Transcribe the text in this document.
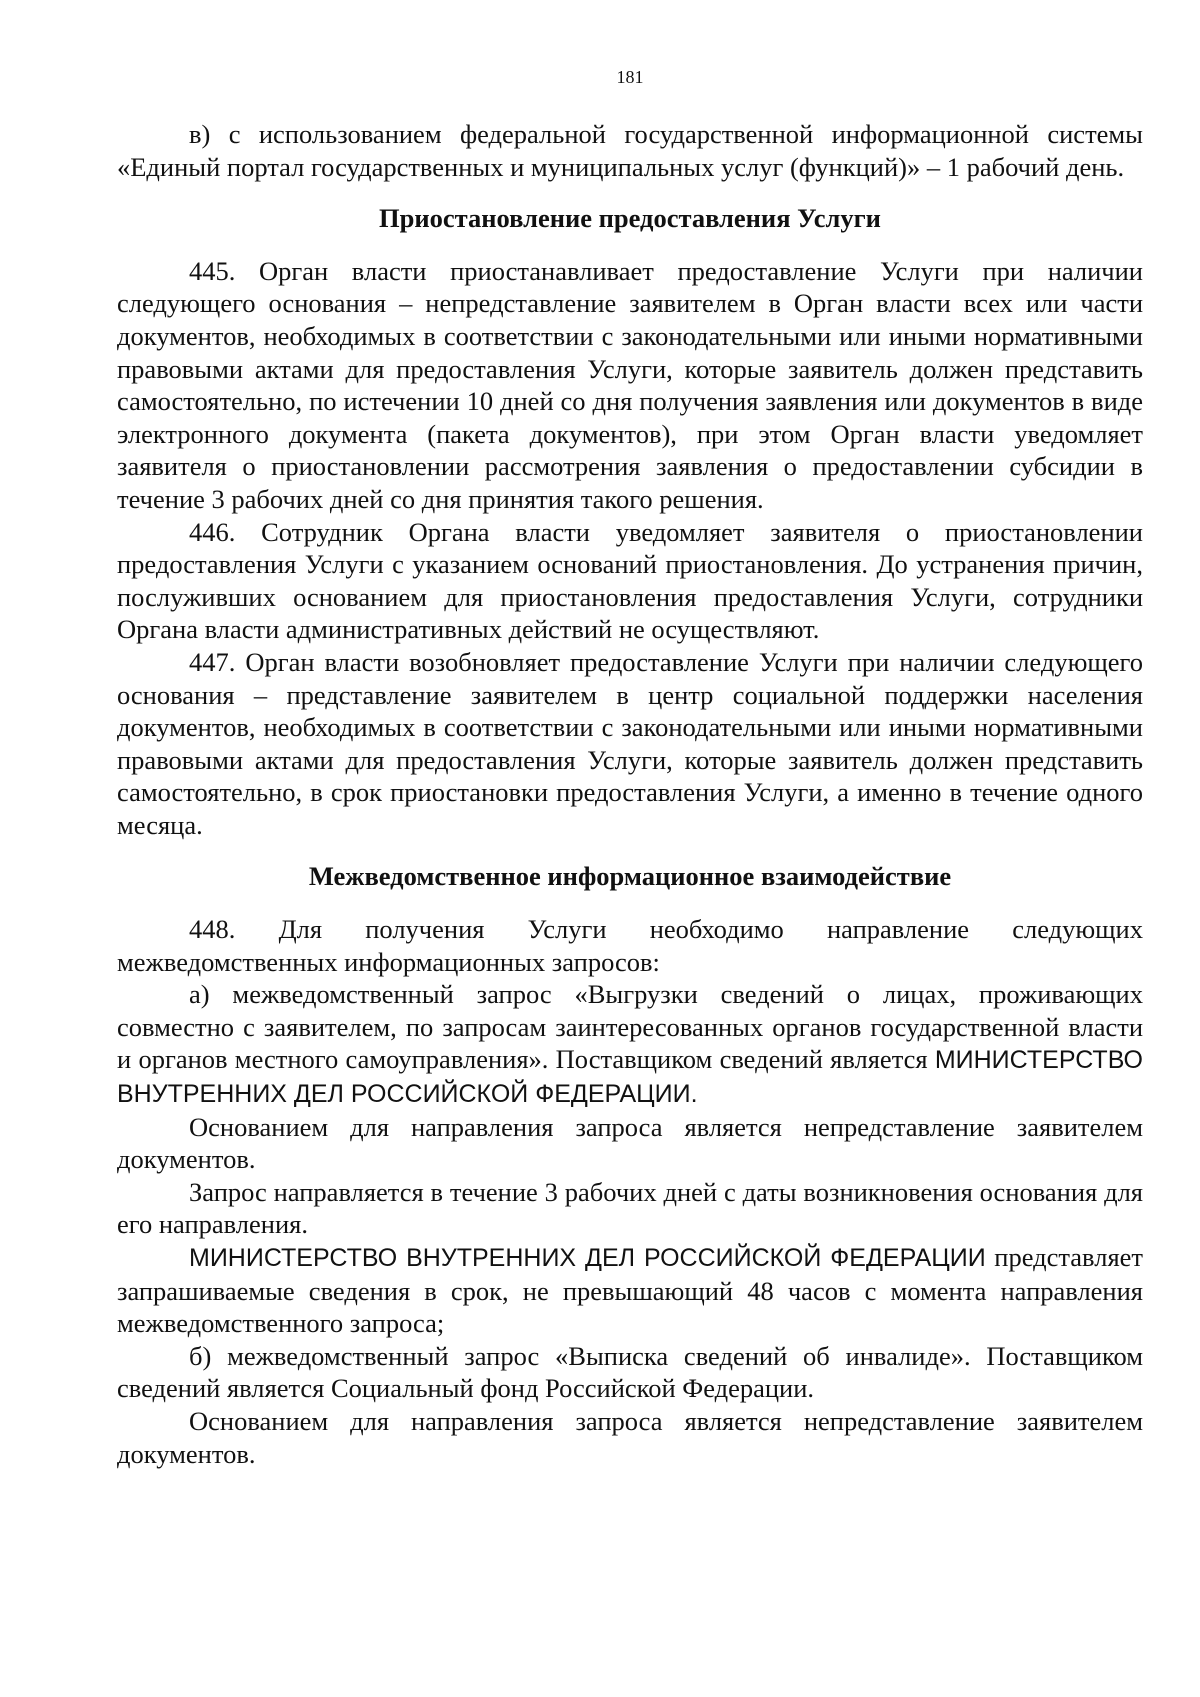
181

в) с использованием федеральной государственной информационной системы «Единый портал государственных и муниципальных услуг (функций)» – 1 рабочий день.

Приостановление предоставления Услуги

445. Орган власти приостанавливает предоставление Услуги при наличии следующего основания – непредставление заявителем в Орган власти всех или части документов, необходимых в соответствии с законодательными или иными нормативными правовыми актами для предоставления Услуги, которые заявитель должен представить самостоятельно, по истечении 10 дней со дня получения заявления или документов в виде электронного документа (пакета документов), при этом Орган власти уведомляет заявителя о приостановлении рассмотрения заявления о предоставлении субсидии в течение 3 рабочих дней со дня принятия такого решения.

446. Сотрудник Органа власти уведомляет заявителя о приостановлении предоставления Услуги с указанием оснований приостановления. До устранения причин, послуживших основанием для приостановления предоставления Услуги, сотрудники Органа власти административных действий не осуществляют.

447. Орган власти возобновляет предоставление Услуги при наличии следующего основания – представление заявителем в центр социальной поддержки населения документов, необходимых в соответствии с законодательными или иными нормативными правовыми актами для предоставления Услуги, которые заявитель должен представить самостоятельно, в срок приостановки предоставления Услуги, а именно в течение одного месяца.

Межведомственное информационное взаимодействие

448. Для получения Услуги необходимо направление следующих межведомственных информационных запросов:

а) межведомственный запрос «Выгрузки сведений о лицах, проживающих совместно с заявителем, по запросам заинтересованных органов государственной власти и органов местного самоуправления». Поставщиком сведений является МИНИСТЕРСТВО ВНУТРЕННИХ ДЕЛ РОССИЙСКОЙ ФЕДЕРАЦИИ.

Основанием для направления запроса является непредставление заявителем документов.

Запрос направляется в течение 3 рабочих дней с даты возникновения основания для его направления.

МИНИСТЕРСТВО ВНУТРЕННИХ ДЕЛ РОССИЙСКОЙ ФЕДЕРАЦИИ представляет запрашиваемые сведения в срок, не превышающий 48 часов с момента направления межведомственного запроса;

б) межведомственный запрос «Выписка сведений об инвалиде». Поставщиком сведений является Социальный фонд Российской Федерации.

Основанием для направления запроса является непредставление заявителем документов.
